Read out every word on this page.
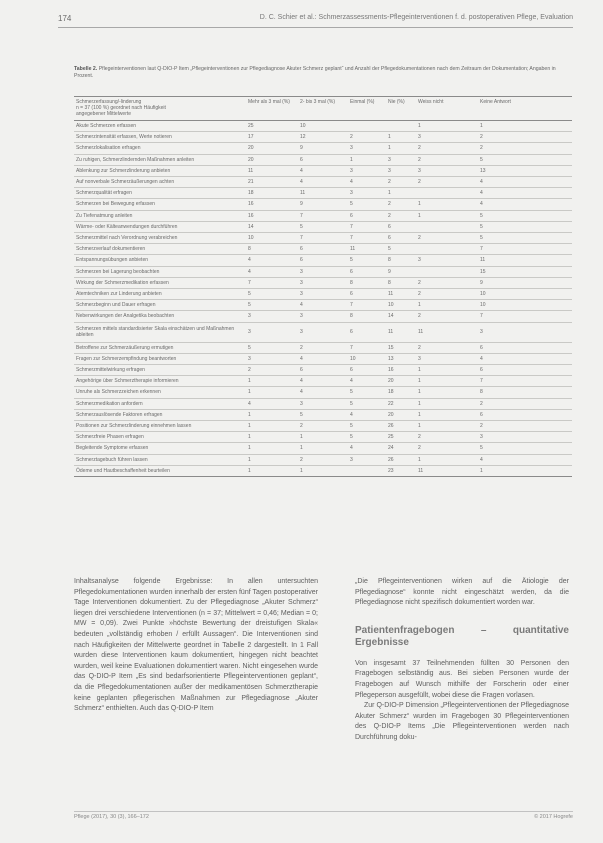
174	D. C. Schier et al.: Schmerzassessments-Pflegeinterventionen f. d. postoperativen Pflege, Evaluation
Tabelle 2. Pflegeinterventionen laut Q-DIO-P Item „Pflegeinterventionen zur Pflegediagnose Akuter Schmerz geplant“ und Anzahl der Pflegedokumentationen nach dem Zeitraum der Dokumentation; Angaben in Prozent.
Schmerzerfassung/-linderung
n = 37 (100 %) geordnet nach Häufigkeit
angegebener Mittelwerte	Mehr als 3 mal (%)	2- bis 3 mal (%)	Einmal (%)	Nie (%)	Weiss nicht	Keine Antwort
Akute Schmerzen erfassen	25	10			1	1
Schmerzintensität erfassen, Werte notieren	17	12	2	1	3	2
Schmerzlokalisation erfragen	20	9	3	1	2	2
Zu ruhigen, Schmerzlindernden Maßnahmen anleiten	20	6	1	3	2	5
Ablenkung zur Schmerzlinderung anbieten	11	4	3	3	3	13
Auf nonverbale Schmerzäußerungen achten	21	4	4	2	2	4
Schmerzqualität erfragen	18	11	3	1		4
Schmerzen bei Bewegung erfassen	16	9	5	2	1	4
Zu Tiefenatmung anleiten	16	7	6	2	1	5
Wärme- oder Kälteanwendungen durchführen	14	5	7	6		5
Schmerzmittel nach Verordnung verabreichen	10	7	7	6	2	5
Schmerzverlauf dokumentieren	8	6	11	5		7
Entspannungsübungen anbieten	4	6	5	8	3	11
Schmerzen bei Lagerung beobachten	4	3	6	9		15
Wirkung der Schmerzmedikation erfassen	7	3	8	8	2	9
Atemtechniken zur Linderung anbieten	5	3	6	11	2	10
Schmerzbeginn und Dauer erfragen	5	4	7	10	1	10
Nebenwirkungen der Analgetika beobachten	3	3	8	14	2	7
Schmerzen mittels standardisierter Skala einschätzen und Maßnahmen ableiten	3	3	6	11	11	3
Betroffene zur Schmerzäußerung ermutigen	5	2	7	15	2	6
Fragen zur Schmerzempfindung beantworten	3	4	10	13	3	4
Schmerzmittelwirkung erfragen	2	6	6	16	1	6
Angehörige über Schmerztherapie informieren	1	4	4	20	1	7
Unruhe als Schmerzzeichen erkennen	1	4	5	18	1	8
Schmerzmedikation anfordern	4	3	5	22	1	2
Schmerzauslösende Faktoren erfragen	1	5	4	20	1	6
Positionen zur Schmerzlinderung einnehmen lassen	1	2	5	26	1	2
Schmerzfreie Phasen erfragen	1	1	5	25	2	3
Begleitende Symptome erfassen	1	1	4	24	2	5
Schmerztagebuch führen lassen	1	2	3	26	1	4
Ödeme und Hautbeschaffenheit beurteilen	1	1		23	11	1

Inhaltsanalyse folgende Ergebnisse: In allen untersuchten Pflegedokumentationen wurden innerhalb der ersten fünf Tagen postoperativer Tage Interventionen dokumentiert. Zu der Pflegediagnose „Akuter Schmerz“ liegen drei verschiedene Interventionen (n = 37; Mittelwert = 0,46; Median = 0; MW = 0,09). Zwei Punkte »höchste Bewertung der dreistufigen Skala« bedeuten „vollständig erhoben / erfüllt Aussagen“. Die Interventionen sind nach Häufigkeiten der Mittelwerte geordnet in Tabelle 2 dargestellt. In 1 Fall wurden diese Interventionen kaum dokumentiert, hingegen nicht beachtet wurden, weil keine Evaluationen dokumentiert waren. Nicht eingesehen wurde das Q-DIO-P Item „Es sind bedarfsorientierte Pflegeinterventionen geplant“, da die Pflegedokumentationen außer der medikamentösen Schmerztherapie keine geplanten pflegerischen Maßnahmen zur Pflegediagnose „Akuter Schmerz“ enthielten. Auch das Q-DIO-P Item

„Die Pflegeinterventionen wirken auf die Ätiologie der Pflegediagnose“ konnte nicht eingeschätzt werden, da die Pflegediagnose nicht spezifisch dokumentiert worden war.

Patientenfragebogen – quantitative Ergebnisse

Von insgesamt 37 Teilnehmenden füllten 30 Personen den Fragebogen selbständig aus. Bei sieben Personen wurde der Fragebogen auf Wunsch mithilfe der Forscherin oder einer Pflegeperson ausgefüllt, wobei diese die Fragen vorlasen.

Zur Q-DIO-P Dimension „Pflegeinterventionen der Pflegediagnose Akuter Schmerz“ wurden im Fragebogen 30 Pflegeinterventionen des Q-DIO-P Items „Die Pflegeinterventionen werden nach Durchführung doku-

Pflege (2017), 30 (3), 166–172	© 2017 Hogrefe
